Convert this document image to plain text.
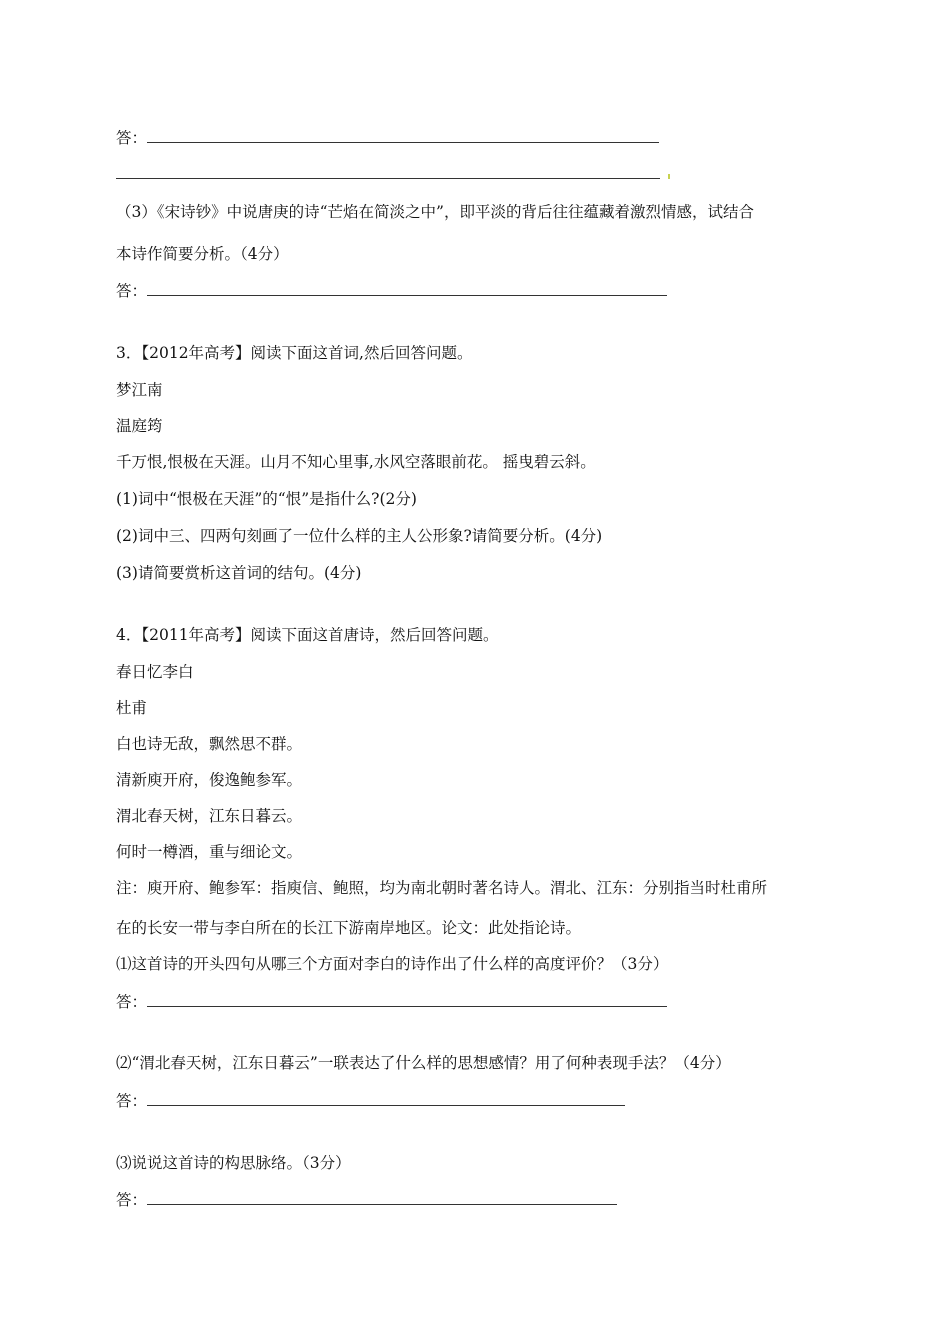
答：
（3）《宋诗钞》中说唐庚的诗“芒焰在简淡之中”，即平淡的背后往往蕴藏着激烈情感，试结合
本诗作简要分析。（4分）
答：
3．【2012年高考】阅读下面这首词,然后回答问题。
梦江南
温庭筠
千万恨,恨极在天涯。山月不知心里事,水风空落眼前花。 摇曳碧云斜。
(1)词中“恨极在天涯”的“恨”是指什么?(2分)
(2)词中三、四两句刻画了一位什么样的主人公形象?请简要分析。(4分)
(3)请简要赏析这首词的结句。(4分)
4．【2011年高考】阅读下面这首唐诗，然后回答问题。
春日忆李白
杜甫
白也诗无敌，飘然思不群。
清新庾开府，俊逸鲍参军。
渭北春天树，江东日暮云。
何时一樽酒，重与细论文。
注：庾开府、鲍参军：指庾信、鲍照，均为南北朝时著名诗人。渭北、江东：分别指当时杜甫所
在的长安一带与李白所在的长江下游南岸地区。论文：此处指论诗。
⑴这首诗的开头四句从哪三个方面对李白的诗作出了什么样的高度评价？（3分）
答：
⑵“渭北春天树，江东日暮云”一联表达了什么样的思想感情？用了何种表现手法？（4分）
答：
⑶说说这首诗的构思脉络。（3分）
答：
